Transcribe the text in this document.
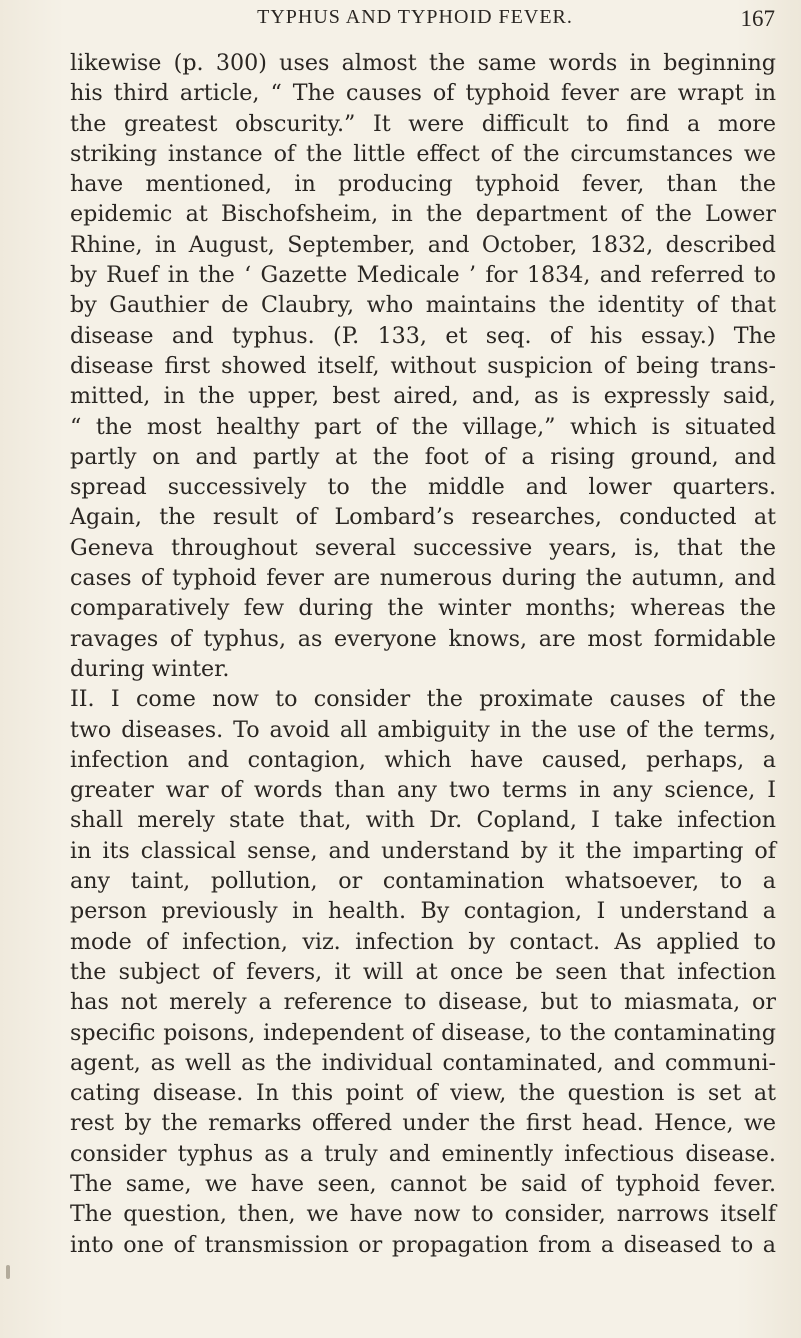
TYPHUS AND TYPHOID FEVER.	167
likewise (p. 300) uses almost the same words in beginning
his third article, “ The causes of typhoid fever are wrapt in
the greatest obscurity.” It were difficult to find a more
striking instance of the little effect of the circumstances we
have mentioned, in producing typhoid fever, than the
epidemic at Bischofsheim, in the department of the Lower
Rhine, in August, September, and October, 1832, described
by Ruef in the ‘ Gazette Medicale ’ for 1834, and referred to
by Gauthier de Claubry, who maintains the identity of that
disease and typhus. (P. 133, et seq. of his essay.) The
disease first showed itself, without suspicion of being trans-
mitted, in the upper, best aired, and, as is expressly said,
“ the most healthy part of the village,” which is situated
partly on and partly at the foot of a rising ground, and
spread successively to the middle and lower quarters.
Again, the result of Lombard’s researches, conducted at
Geneva throughout several successive years, is, that the
cases of typhoid fever are numerous during the autumn, and
comparatively few during the winter months; whereas the
ravages of typhus, as everyone knows, are most formidable
during winter.
II. I come now to consider the proximate causes of the
two diseases. To avoid all ambiguity in the use of the terms,
infection and contagion, which have caused, perhaps, a
greater war of words than any two terms in any science, I
shall merely state that, with Dr. Copland, I take infection
in its classical sense, and understand by it the imparting of
any taint, pollution, or contamination whatsoever, to a
person previously in health. By contagion, I understand a
mode of infection, viz. infection by contact. As applied to
the subject of fevers, it will at once be seen that infection
has not merely a reference to disease, but to miasmata, or
specific poisons, independent of disease, to the contaminating
agent, as well as the individual contaminated, and communi-
cating disease. In this point of view, the question is set at
rest by the remarks offered under the first head. Hence, we
consider typhus as a truly and eminently infectious disease.
The same, we have seen, cannot be said of typhoid fever.
The question, then, we have now to consider, narrows itself
into one of transmission or propagation from a diseased to a
